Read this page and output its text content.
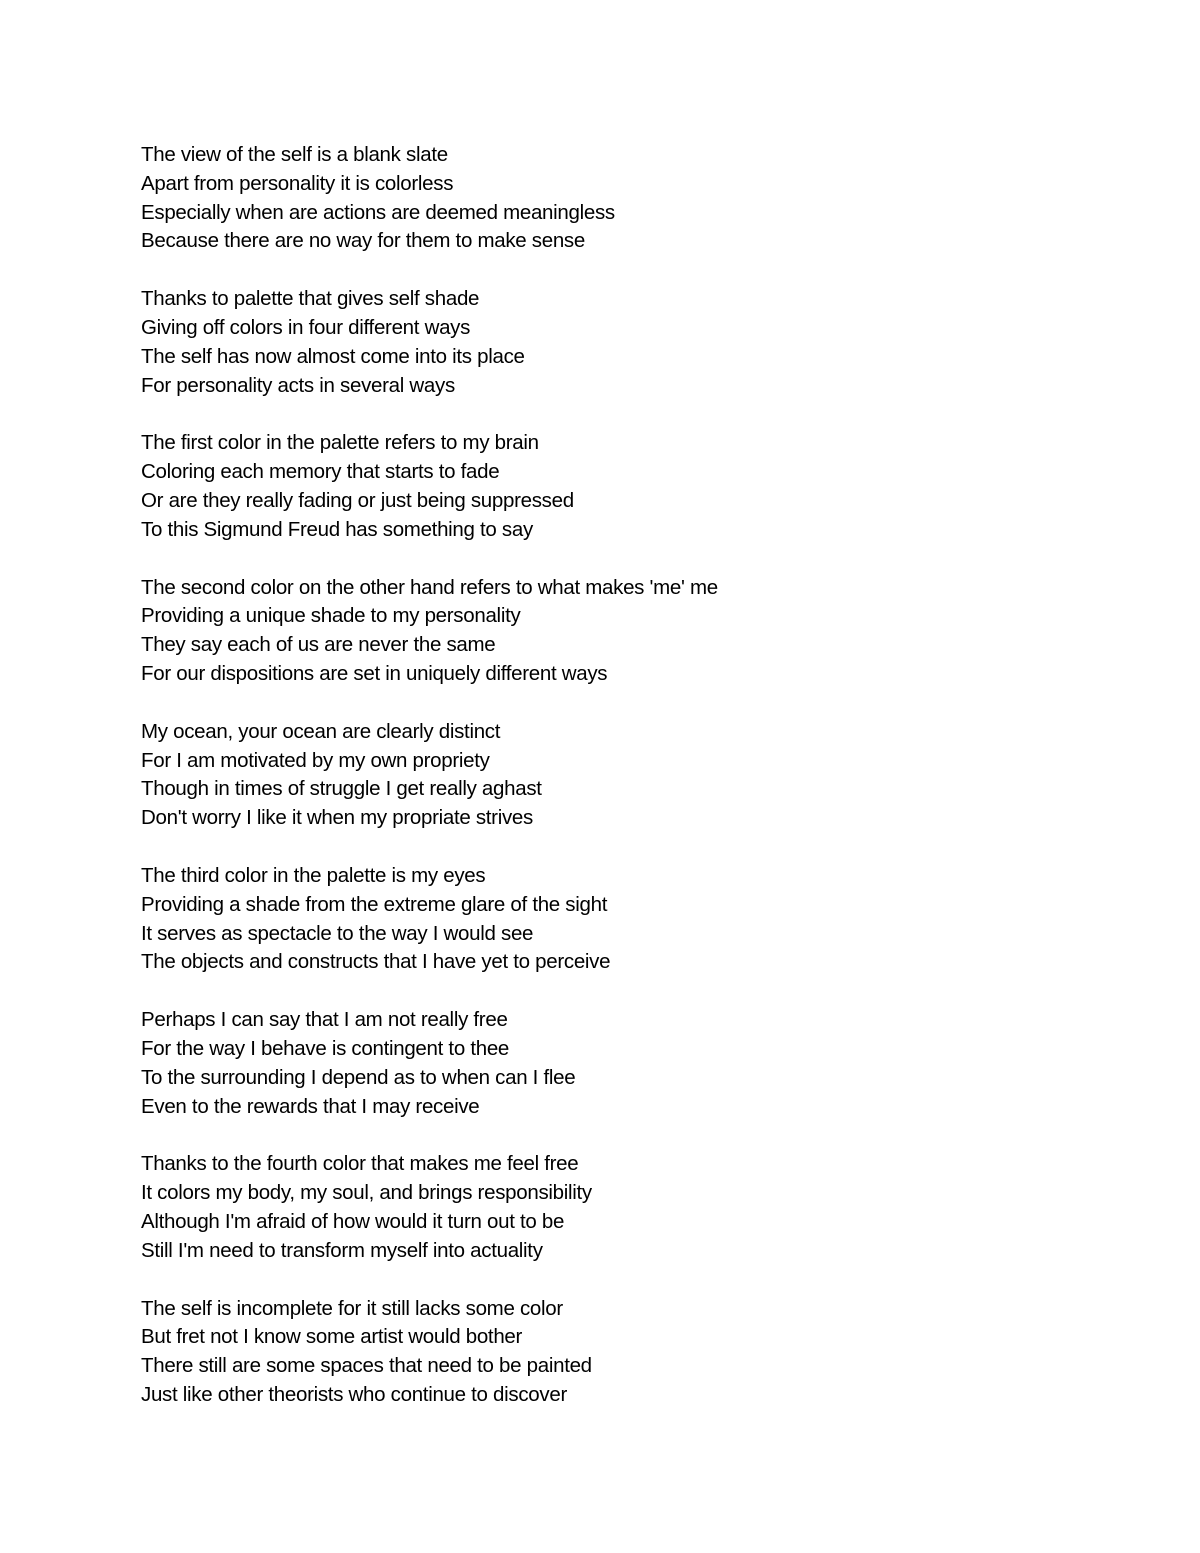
The view of the self is a blank slate
Apart from personality it is colorless
Especially when are actions are deemed meaningless
Because there are no way for them to make sense
Thanks to palette that gives self shade
Giving off colors in four different ways
The self has now almost come into its place
For personality acts in several ways
The first color in the palette refers to my brain
Coloring each memory that starts to fade
Or are they really fading or just being suppressed
To this Sigmund Freud has something to say
The second color on the other hand refers to what makes 'me' me
Providing a unique shade to my personality
They say each of us are never the same
For our dispositions are set in uniquely different ways
My ocean, your ocean are clearly distinct
For I am motivated by my own propriety
Though in times of struggle I get really aghast
Don't worry I like it when my propriate strives
The third color in the palette is my eyes
Providing a shade from the extreme glare of the sight
It serves as spectacle to the way I would see
The objects and constructs that I have yet to perceive
Perhaps I can say that I am not really free
For the way I behave is contingent to thee
To the surrounding I depend as to when can I flee
Even to the rewards that I may receive
Thanks to the fourth color that makes me feel free
It colors my body, my soul, and brings responsibility
Although I'm afraid of how would it turn out to be
Still I'm need to transform myself into actuality
The self is incomplete for it still lacks some color
But fret not I know some artist would bother
There still are some spaces that need to be painted
Just like other theorists who continue to discover
